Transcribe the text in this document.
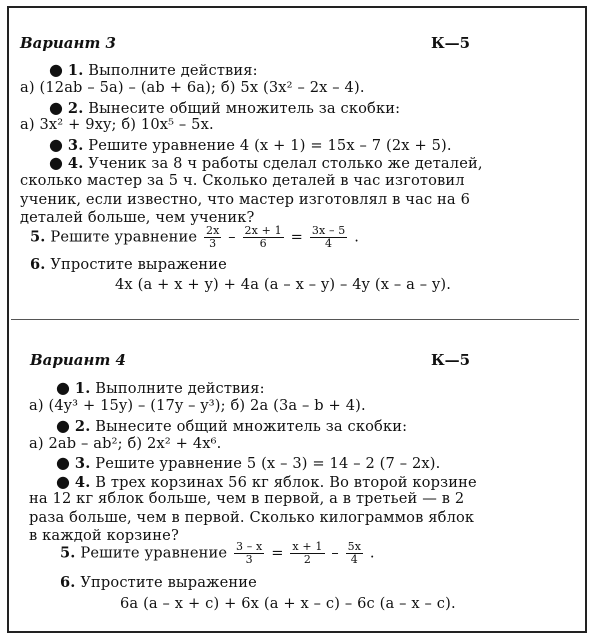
Вариант 3	К—5
● 1. Выполните действия:
а) (12ab – 5a) – (ab + 6a); б) 5x (3x² – 2x – 4).
● 2. Вынесите общий множитель за скобки:
а) 3x² + 9xy; б) 10x⁵ – 5x.
● 3. Решите уравнение 4 (x + 1) = 15x – 7 (2x + 5).
● 4. Ученик за 8 ч работы сделал столько же деталей,
сколько мастер за 5 ч. Сколько деталей в час изготовил
ученик, если известно, что мастер изготовлял в час на 6
деталей больше, чем ученик?
5. Решите уравнение $\frac{2x}{3} - \frac{2x + 1}{6} = \frac{3x - 5}{4}$ .
6. Упростите выражение
4x (a + x + y) + 4a (a – x – y) – 4y (x – a – y).
Вариант 4	К—5
● 1. Выполните действия:
а) (4y³ + 15y) – (17y – y³); б) 2a (3a – b + 4).
● 2. Вынесите общий множитель за скобки:
а) 2ab – ab²; б) 2x² + 4x⁶.
● 3. Решите уравнение 5 (x – 3) = 14 – 2 (7 – 2x).
● 4. В трех корзинах 56 кг яблок. Во второй корзине
на 12 кг яблок больше, чем в первой, а в третьей — в 2
раза больше, чем в первой. Сколько килограммов яблок
в каждой корзине?
5. Решите уравнение $\frac{3 - x}{3} = \frac{x + 1}{2} - \frac{5x}{4}$ .
6. Упростите выражение
6a (a – x + c) + 6x (a + x – c) – 6c (a – x – c).
